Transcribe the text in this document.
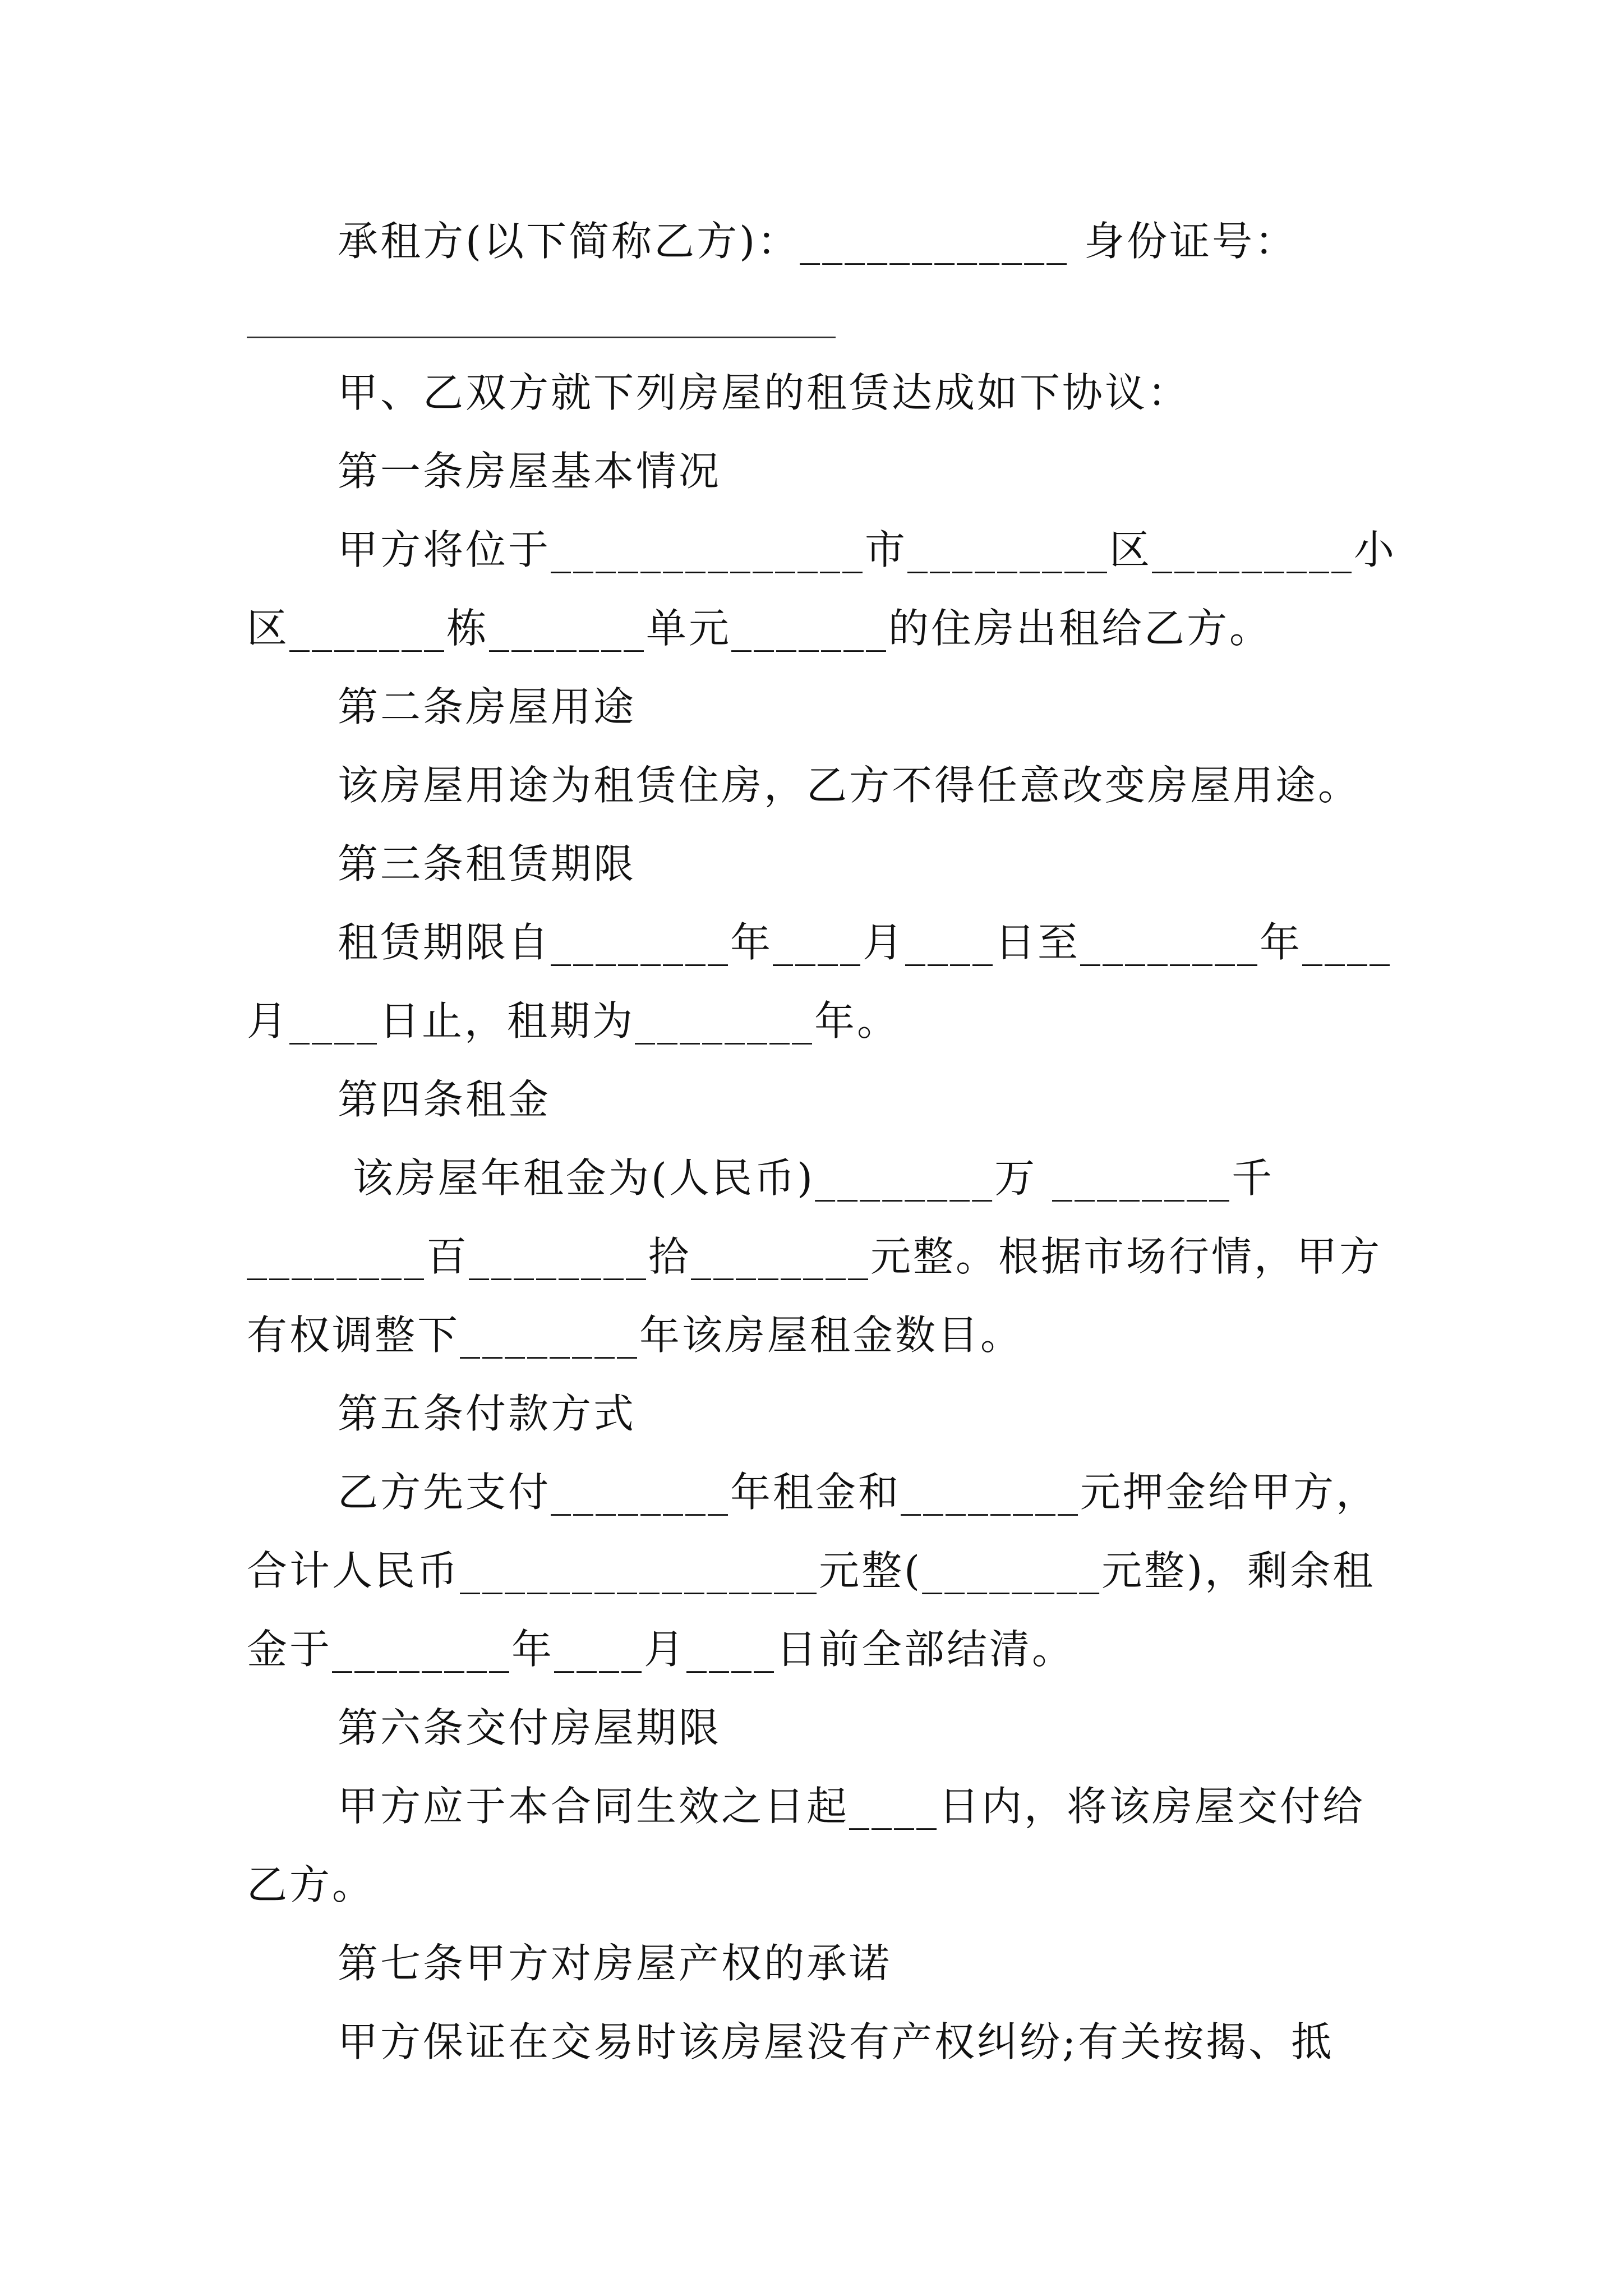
承租方(以下简称乙方)：____________ 身份证号：
甲、乙双方就下列房屋的租赁达成如下协议：
第一条房屋基本情况
甲方将位于______________市_________区_________小
区_______栋_______单元_______的住房出租给乙方。
第二条房屋用途
该房屋用途为租赁住房，乙方不得任意改变房屋用途。
第三条租赁期限
租赁期限自________年____月____日至________年____
月____日止，租期为________年。
第四条租金
该房屋年租金为(人民币)________万 ________千
________百________拾________元整。根据市场行情，甲方
有权调整下________年该房屋租金数目。
第五条付款方式
乙方先支付________年租金和________元押金给甲方，
合计人民币________________元整(________元整)，剩余租
金于________年____月____日前全部结清。
第六条交付房屋期限
甲方应于本合同生效之日起____日内，将该房屋交付给
乙方。
第七条甲方对房屋产权的承诺
甲方保证在交易时该房屋没有产权纠纷;有关按揭、抵
